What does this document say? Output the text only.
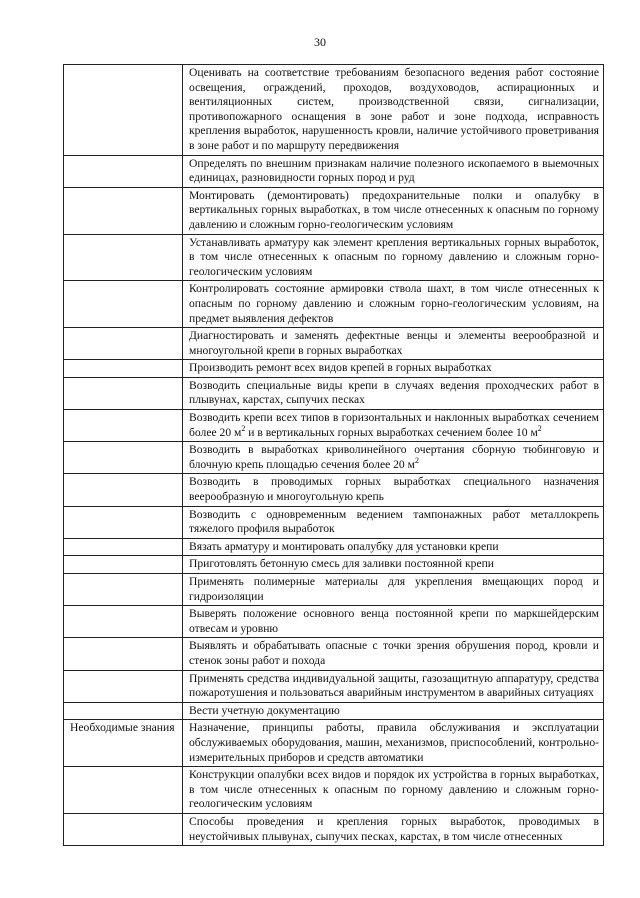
30
	Оценивать на соответствие требованиям безопасного ведения работ состояние освещения, ограждений, проходов, воздуховодов, аспирационных и вентиляционных систем, производственной связи, сигнализации, противопожарного оснащения в зоне работ и зоне подхода, исправность крепления выработок, нарушенность кровли, наличие устойчивого проветривания в зоне работ и по маршруту передвижения
	Определять по внешним признакам наличие полезного ископаемого в выемочных единицах, разновидности горных пород и руд
	Монтировать (демонтировать) предохранительные полки и опалубку в вертикальных горных выработках, в том числе отнесенных к опасным по горному давлению и сложным горно-геологическим условиям
	Устанавливать арматуру как элемент крепления вертикальных горных выработок, в том числе отнесенных к опасным по горному давлению и сложным горно-геологическим условиям
	Контролировать состояние армировки ствола шахт, в том числе отнесенных к опасным по горному давлению и сложным горно-геологическим условиям, на предмет выявления дефектов
	Диагностировать и заменять дефектные венцы и элементы веерообразной и многоугольной крепи в горных выработках
	Производить ремонт всех видов крепей в горных выработках
	Возводить специальные виды крепи в случаях ведения проходческих работ в плывунах, карстах, сыпучих песках
	Возводить крепи всех типов в горизонтальных и наклонных выработках сечением более 20 $м^2$ и в вертикальных горных выработках сечением более 10 $м^2$
	Возводить в выработках криволинейного очертания сборную тюбинговую и блочную крепь площадью сечения более 20 $м^2$
	Возводить в проводимых горных выработках специального назначения веерообразную и многоугольную крепь
	Возводить с одновременным ведением тампонажных работ металлокрепь тяжелого профиля выработок
	Вязать арматуру и монтировать опалубку для установки крепи
	Приготовлять бетонную смесь для заливки постоянной крепи
	Применять полимерные материалы для укрепления вмещающих пород и гидроизоляции
	Выверять положение основного венца постоянной крепи по маркшейдерским отвесам и уровню
	Выявлять и обрабатывать опасные с точки зрения обрушения пород, кровли и стенок зоны работ и похода
	Применять средства индивидуальной защиты, газозащитную аппаратуру, средства пожаротушения и пользоваться аварийным инструментом в аварийных ситуациях
	Вести учетную документацию
Необходимые знания	Назначение, принципы работы, правила обслуживания и эксплуатации обслуживаемых оборудования, машин, механизмов, приспособлений, контрольно-измерительных приборов и средств автоматики
	Конструкции опалубки всех видов и порядок их устройства в горных выработках, в том числе отнесенных к опасным по горному давлению и сложным горно-геологическим условиям
	Способы проведения и крепления горных выработок, проводимых в неустойчивых плывунах, сыпучих песках, карстах, в том числе отнесенных
